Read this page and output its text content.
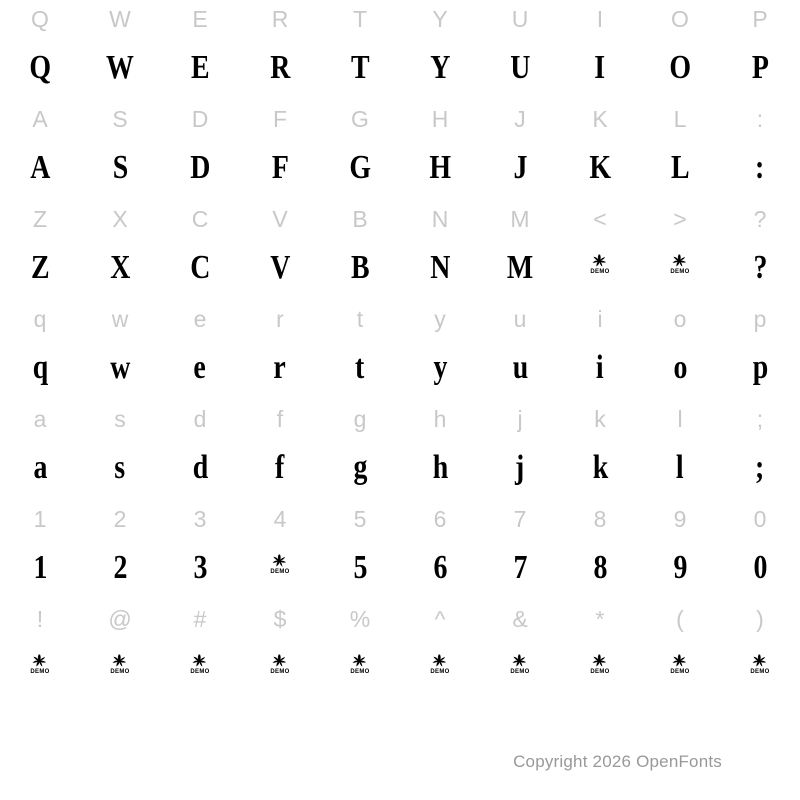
Q
Q
W
W
E
E
R
R
T
T
Y
Y
U
U
I
I
O
O
P
P
A
A
S
S
D
D
F
F
G
G
H
H
J
J
K
K
L
L
:
:
Z
Z
X
X
C
C
V
V
B
B
N
N
M
M
<
DEMO
>
DEMO
?
?
q
q
w
w
e
e
r
r
t
t
y
y
u
u
i
i
o
o
p
p
a
a
s
s
d
d
f
f
g
g
h
h
j
j
k
k
l
l
;
;
1
1
2
2
3
3
4
DEMO
5
5
6
6
7
7
8
8
9
9
0
0
!
DEMO
@
DEMO
#
DEMO
$
DEMO
%
DEMO
^
DEMO
&
DEMO
*
DEMO
(
DEMO
)
DEMO
Copyright 2026 OpenFonts
